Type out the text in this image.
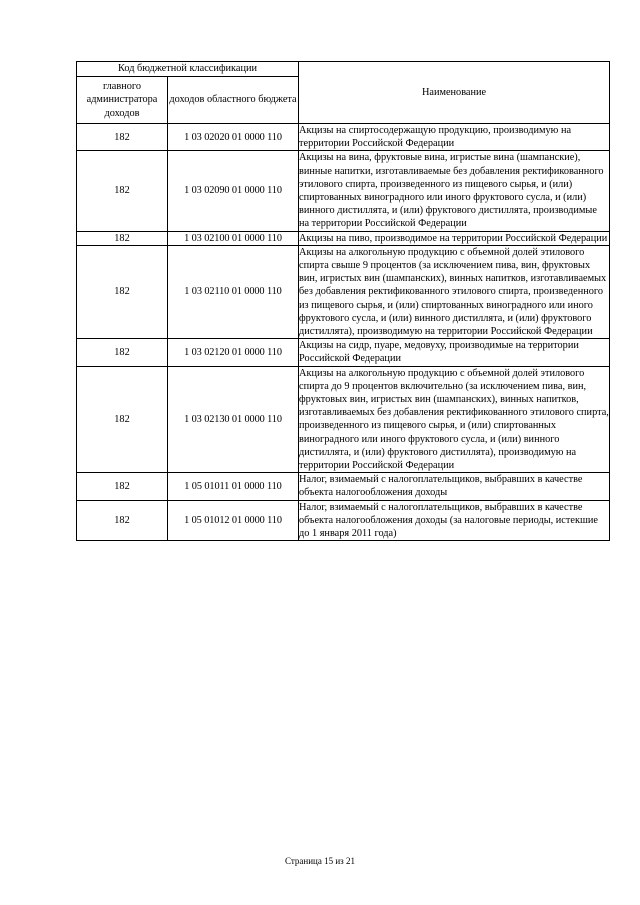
Код бюджетной классификации		Наименование
главного администратора доходов	доходов областного бюджета	
182	1 03 02020 01 0000 110	Акцизы на спиртосодержащую продукцию, производимую на территории Российской Федерации
182	1 03 02090 01 0000 110	Акцизы на вина, фруктовые вина, игристые вина (шампанские), винные напитки, изготавливаемые без добавления ректификованного этилового спирта, произведенного из пищевого сырья, и (или) спиртованных виноградного или иного фруктового сусла, и (или) винного дистиллята, и (или) фруктового дистиллята, производимые на территории Российской Федерации
182	1 03 02100 01 0000 110	Акцизы на пиво, производимое на территории Российской Федерации
182	1 03 02110 01 0000 110	Акцизы на алкогольную продукцию с объемной долей этилового спирта свыше 9 процентов (за исключением пива, вин, фруктовых вин, игристых вин (шампанских), винных напитков, изготавливаемых без добавления ректификованного этилового спирта, произведенного из пищевого сырья, и (или) спиртованных виноградного или иного фруктового сусла, и (или) винного дистиллята, и (или) фруктового дистиллята), производимую на территории Российской Федерации
182	1 03 02120 01 0000 110	Акцизы на сидр, пуаре, медовуху, производимые на территории Российской Федерации
182	1 03 02130 01 0000 110	Акцизы на алкогольную продукцию с объемной долей этилового спирта до 9 процентов включительно (за исключением пива, вин, фруктовых вин, игристых вин (шампанских), винных напитков, изготавливаемых без добавления ректификованного этилового спирта, произведенного из пищевого сырья, и (или) спиртованных виноградного или иного фруктового сусла, и (или) винного дистиллята, и (или) фруктового дистиллята), производимую на территории Российской Федерации
182	1 05 01011 01 0000 110	Налог, взимаемый с налогоплательщиков, выбравших в качестве объекта налогообложения доходы
182	1 05 01012 01 0000 110	Налог, взимаемый с налогоплательщиков, выбравших в качестве объекта налогообложения доходы (за налоговые периоды, истекшие до 1 января 2011 года)
Страница 15 из 21
